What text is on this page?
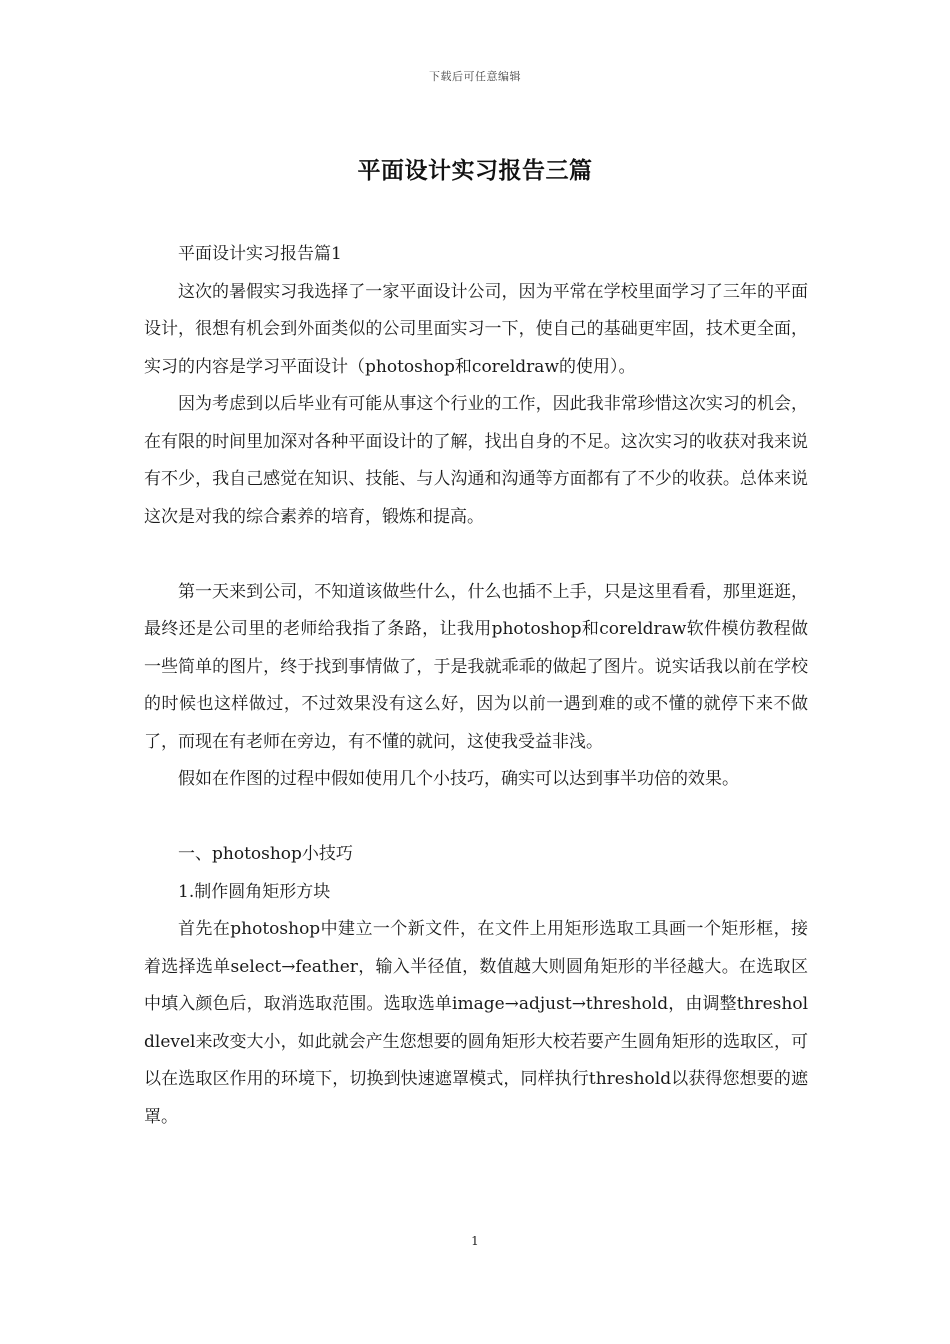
下载后可任意编辑
平面设计实习报告三篇

平面设计实习报告篇1

这次的暑假实习我选择了一家平面设计公司，因为平常在学校里面学习了三年的平面设计，很想有机会到外面类似的公司里面实习一下，使自己的基础更牢固，技术更全面，实习的内容是学习平面设计（photoshop和coreldraw的使用）。

因为考虑到以后毕业有可能从事这个行业的工作，因此我非常珍惜这次实习的机会，在有限的时间里加深对各种平面设计的了解，找出自身的不足。这次实习的收获对我来说有不少，我自己感觉在知识、技能、与人沟通和沟通等方面都有了不少的收获。总体来说这次是对我的综合素养的培育，锻炼和提高。

第一天来到公司，不知道该做些什么，什么也插不上手，只是这里看看，那里逛逛，最终还是公司里的老师给我指了条路，让我用photoshop和coreldraw软件模仿教程做一些简单的图片，终于找到事情做了，于是我就乖乖的做起了图片。说实话我以前在学校的时候也这样做过，不过效果没有这么好，因为以前一遇到难的或不懂的就停下来不做了，而现在有老师在旁边，有不懂的就问，这使我受益非浅。

假如在作图的过程中假如使用几个小技巧，确实可以达到事半功倍的效果。

一、photoshop小技巧

1.制作圆角矩形方块

首先在photoshop中建立一个新文件，在文件上用矩形选取工具画一个矩形框，接着选择选单select→feather，输入半径值，数值越大则圆角矩形的半径越大。在选取区中填入颜色后，取消选取范围。选取选单image→adjust→threshold，由调整thresholdlevel来改变大小，如此就会产生您想要的圆角矩形大校若要产生圆角矩形的选取区，可以在选取区作用的环境下，切换到快速遮罩模式，同样执行threshold以获得您想要的遮罩。

1
